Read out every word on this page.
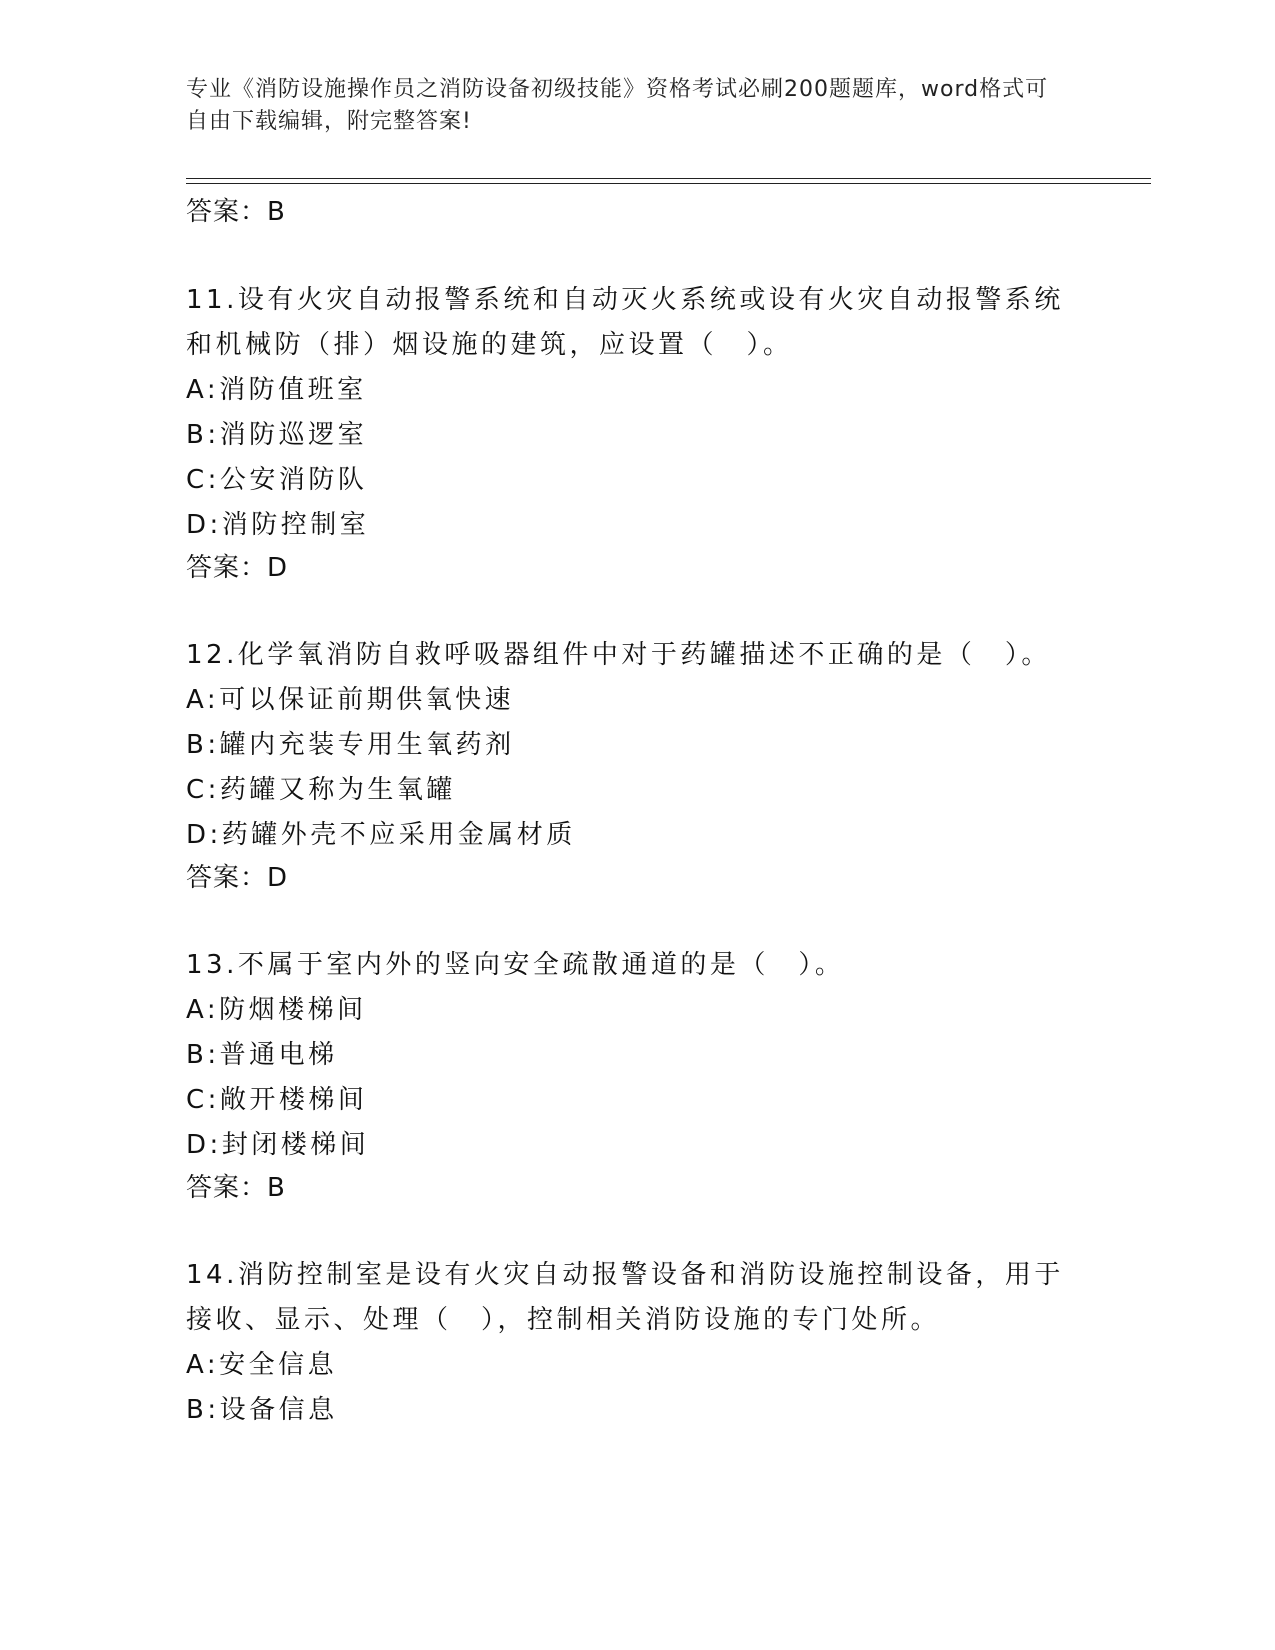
专业《消防设施操作员之消防设备初级技能》资格考试必刷200题题库，word格式可自由下载编辑，附完整答案!
答案：B
11.设有火灾自动报警系统和自动灭火系统或设有火灾自动报警系统和机械防（排）烟设施的建筑，应设置（　）。
A:消防值班室
B:消防巡逻室
C:公安消防队
D:消防控制室
答案：D
12.化学氧消防自救呼吸器组件中对于药罐描述不正确的是（　）。
A:可以保证前期供氧快速
B:罐内充装专用生氧药剂
C:药罐又称为生氧罐
D:药罐外壳不应采用金属材质
答案：D
13.不属于室内外的竖向安全疏散通道的是（　）。
A:防烟楼梯间
B:普通电梯
C:敞开楼梯间
D:封闭楼梯间
答案：B
14.消防控制室是设有火灾自动报警设备和消防设施控制设备，用于接收、显示、处理（　），控制相关消防设施的专门处所。
A:安全信息
B:设备信息
